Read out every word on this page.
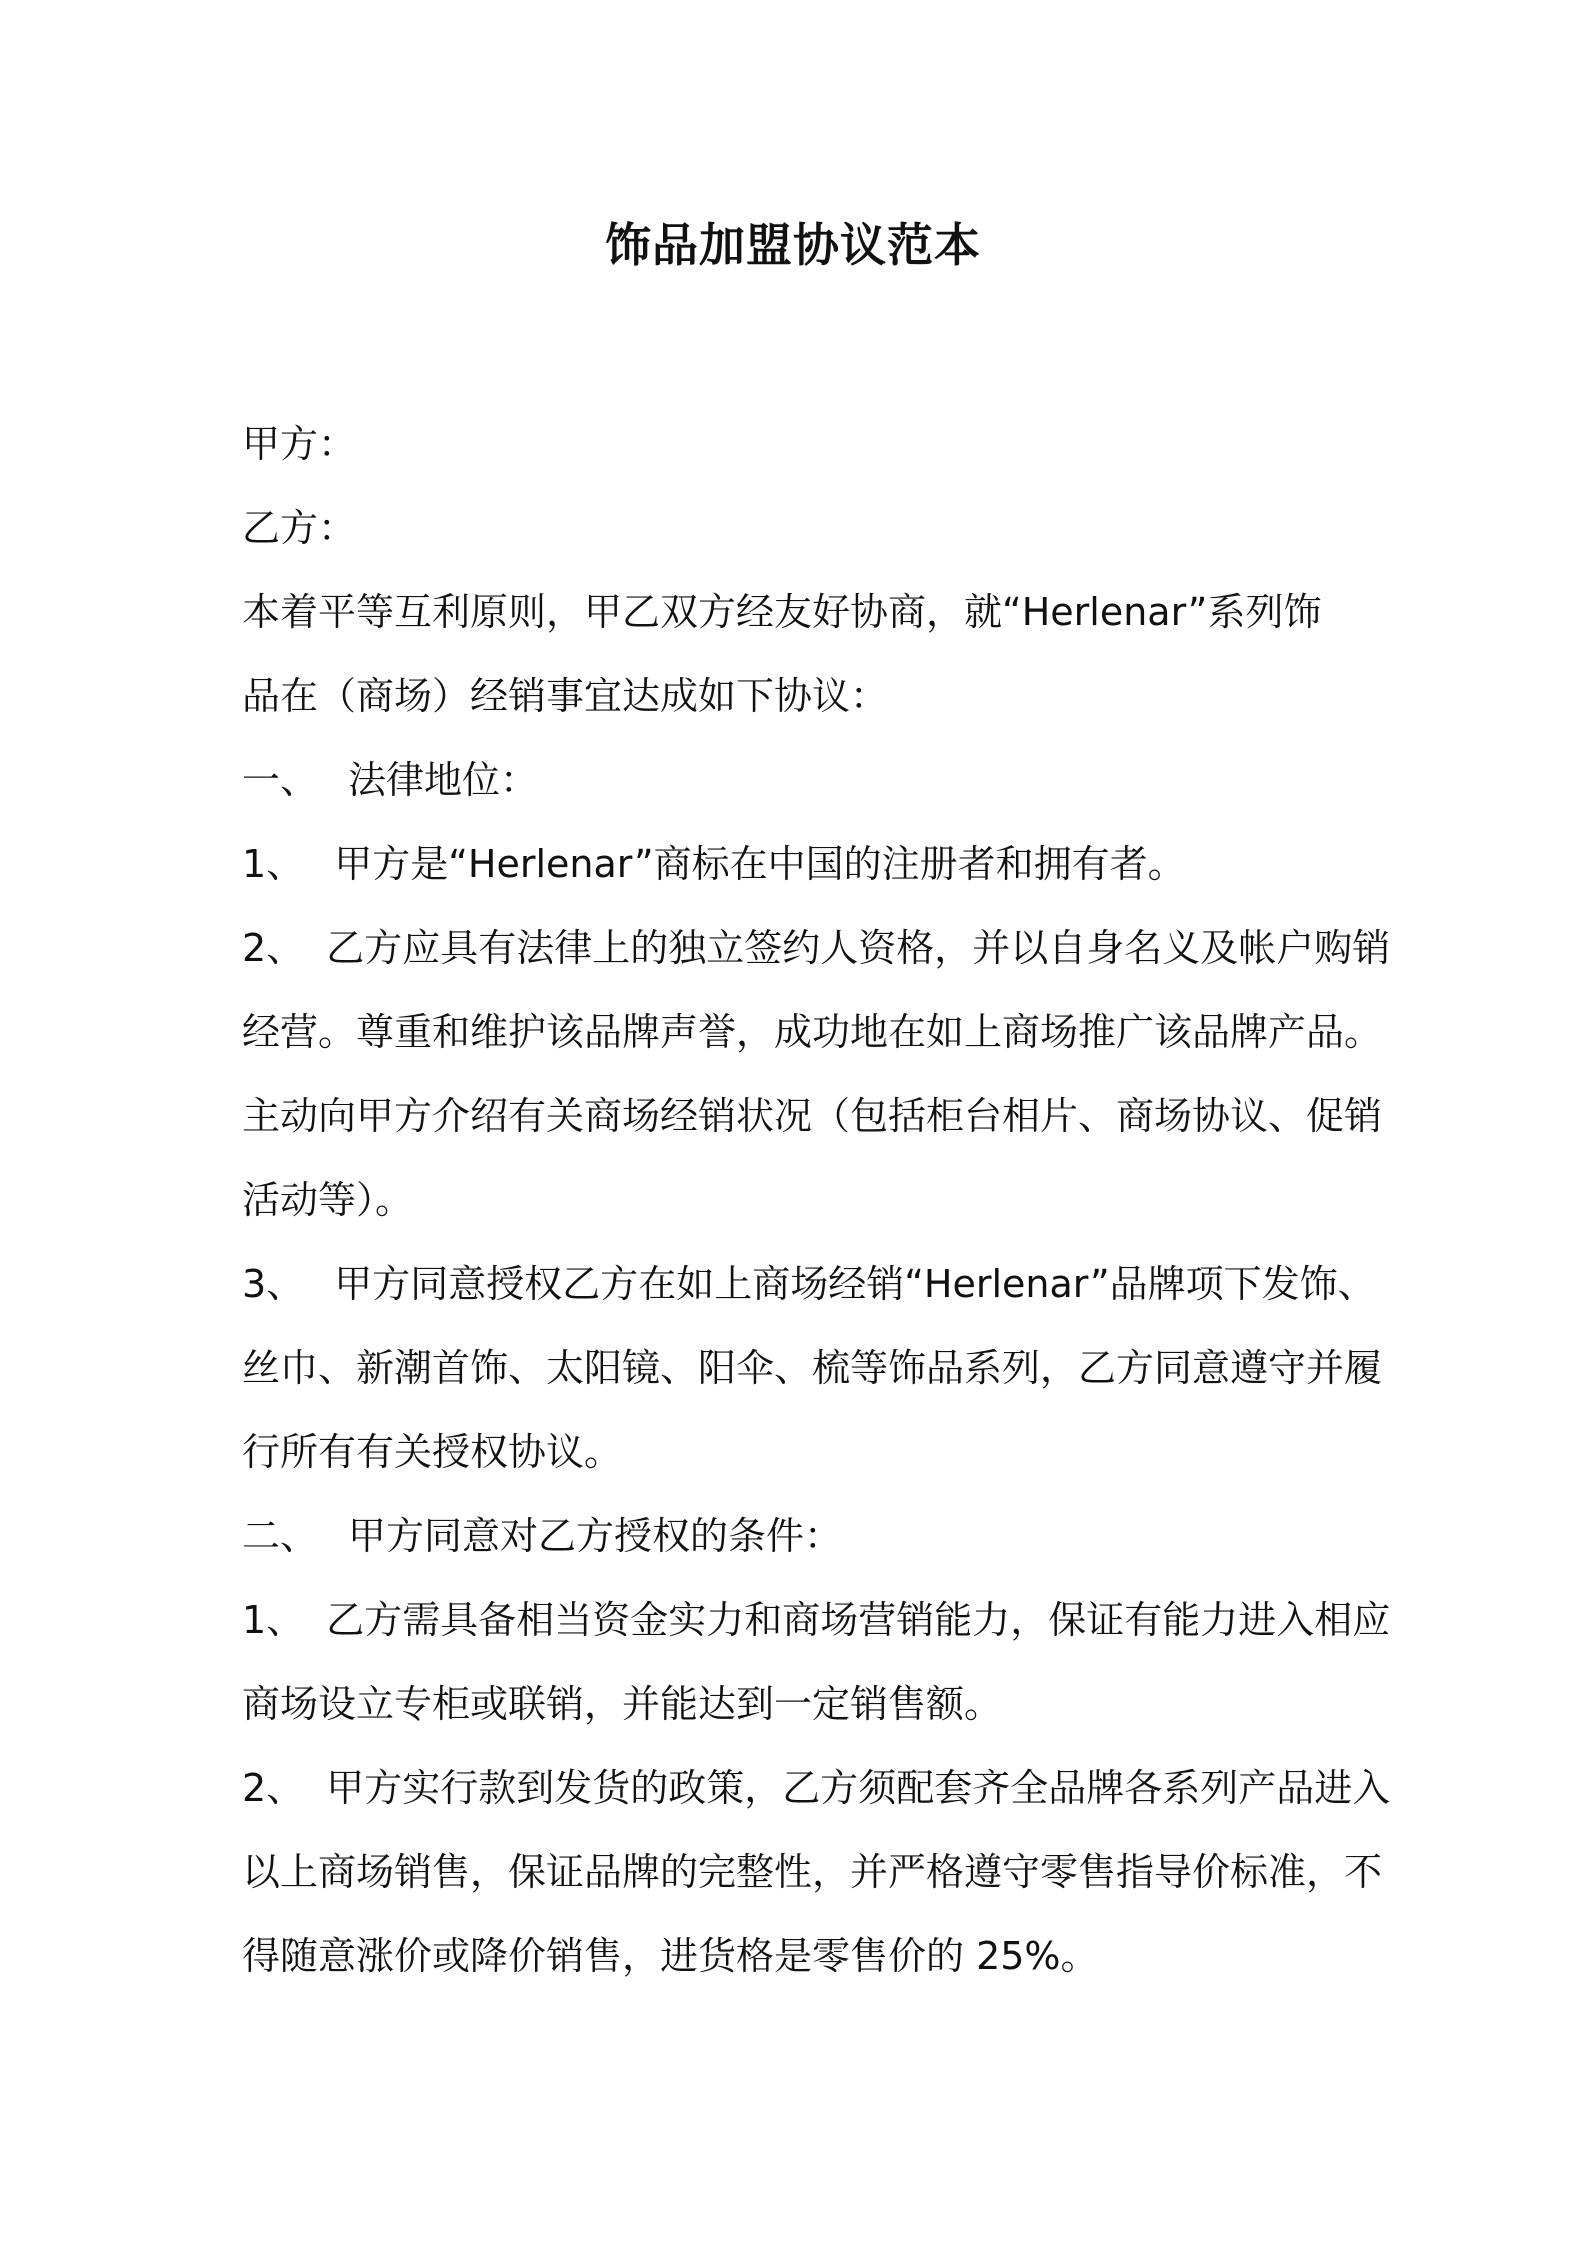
饰品加盟协议范本
甲方：
乙方：
本着平等互利原则，甲乙双方经友好协商，就“Herlenar”系列饰
品在（商场）经销事宜达成如下协议：
一、 法律地位：
1、 甲方是“Herlenar”商标在中国的注册者和拥有者。
2、 乙方应具有法律上的独立签约人资格，并以自身名义及帐户购销
经营。尊重和维护该品牌声誉，成功地在如上商场推广该品牌产品。
主动向甲方介绍有关商场经销状况（包括柜台相片、商场协议、促销
活动等）。
3、 甲方同意授权乙方在如上商场经销“Herlenar”品牌项下发饰、
丝巾、新潮首饰、太阳镜、阳伞、梳等饰品系列，乙方同意遵守并履
行所有有关授权协议。
二、 甲方同意对乙方授权的条件：
1、 乙方需具备相当资金实力和商场营销能力，保证有能力进入相应
商场设立专柜或联销，并能达到一定销售额。
2、 甲方实行款到发货的政策，乙方须配套齐全品牌各系列产品进入
以上商场销售，保证品牌的完整性，并严格遵守零售指导价标准，不
得随意涨价或降价销售，进货格是零售价的 25%。
